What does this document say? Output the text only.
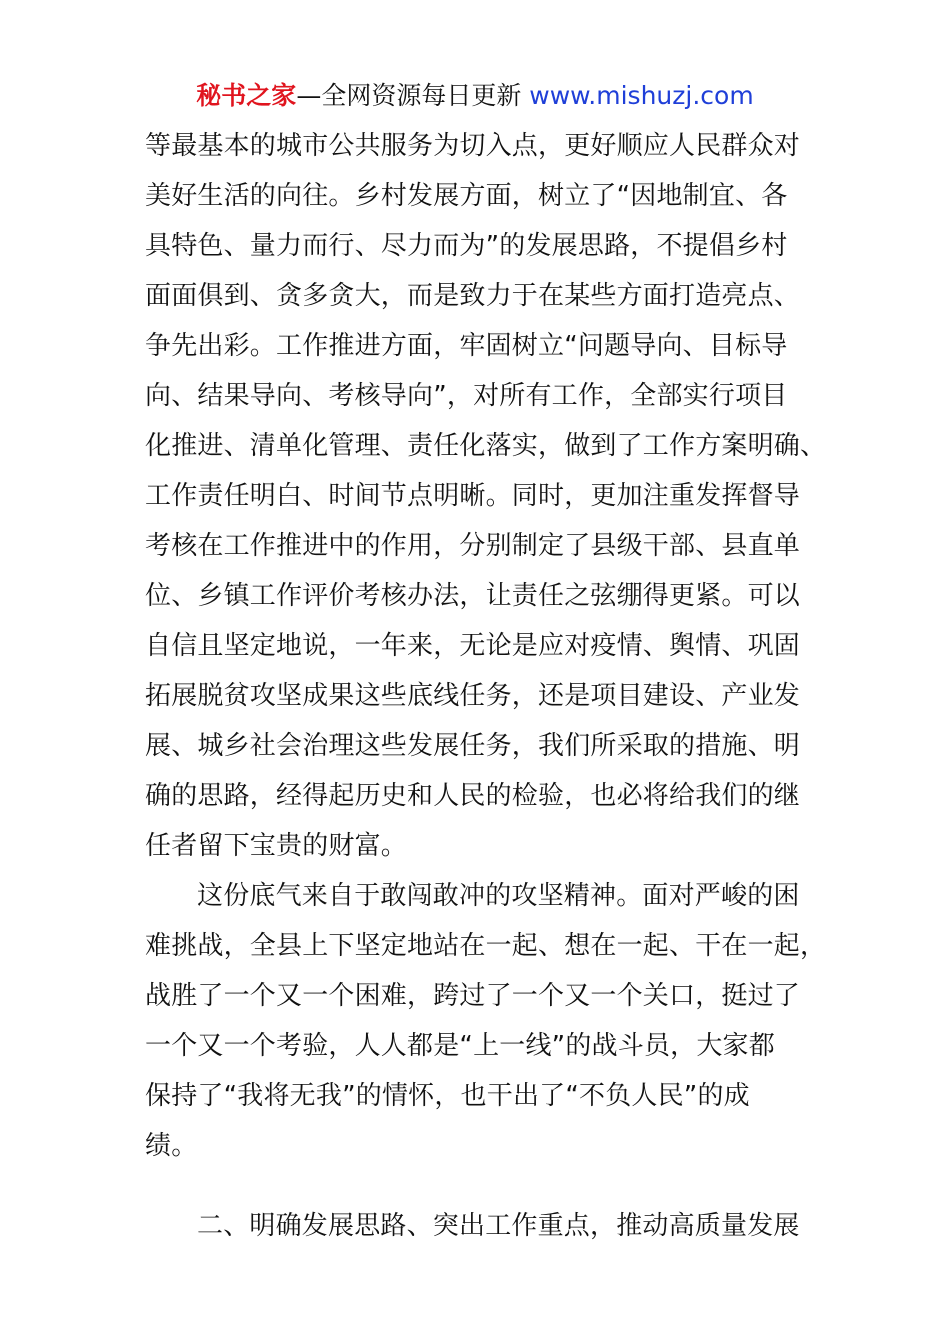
秘书之家—全网资源每日更新 www.mishuzj.com
等最基本的城市公共服务为切入点，更好顺应人民群众对
美好生活的向往。乡村发展方面，树立了“因地制宜、各
具特色、量力而行、尽力而为”的发展思路，不提倡乡村
面面俱到、贪多贪大，而是致力于在某些方面打造亮点、
争先出彩。工作推进方面，牢固树立“问题导向、目标导
向、结果导向、考核导向”，对所有工作，全部实行项目
化推进、清单化管理、责任化落实，做到了工作方案明确、
工作责任明白、时间节点明晰。同时，更加注重发挥督导
考核在工作推进中的作用，分别制定了县级干部、县直单
位、乡镇工作评价考核办法，让责任之弦绷得更紧。可以
自信且坚定地说，一年来，无论是应对疫情、舆情、巩固
拓展脱贫攻坚成果这些底线任务，还是项目建设、产业发
展、城乡社会治理这些发展任务，我们所采取的措施、明
确的思路，经得起历史和人民的检验，也必将给我们的继
任者留下宝贵的财富。
这份底气来自于敢闯敢冲的攻坚精神。面对严峻的困
难挑战，全县上下坚定地站在一起、想在一起、干在一起，
战胜了一个又一个困难，跨过了一个又一个关口，挺过了
一个又一个考验，人人都是“上一线”的战斗员，大家都
保持了“我将无我”的情怀，也干出了“不负人民”的成
绩。
二、明确发展思路、突出工作重点，推动高质量发展
